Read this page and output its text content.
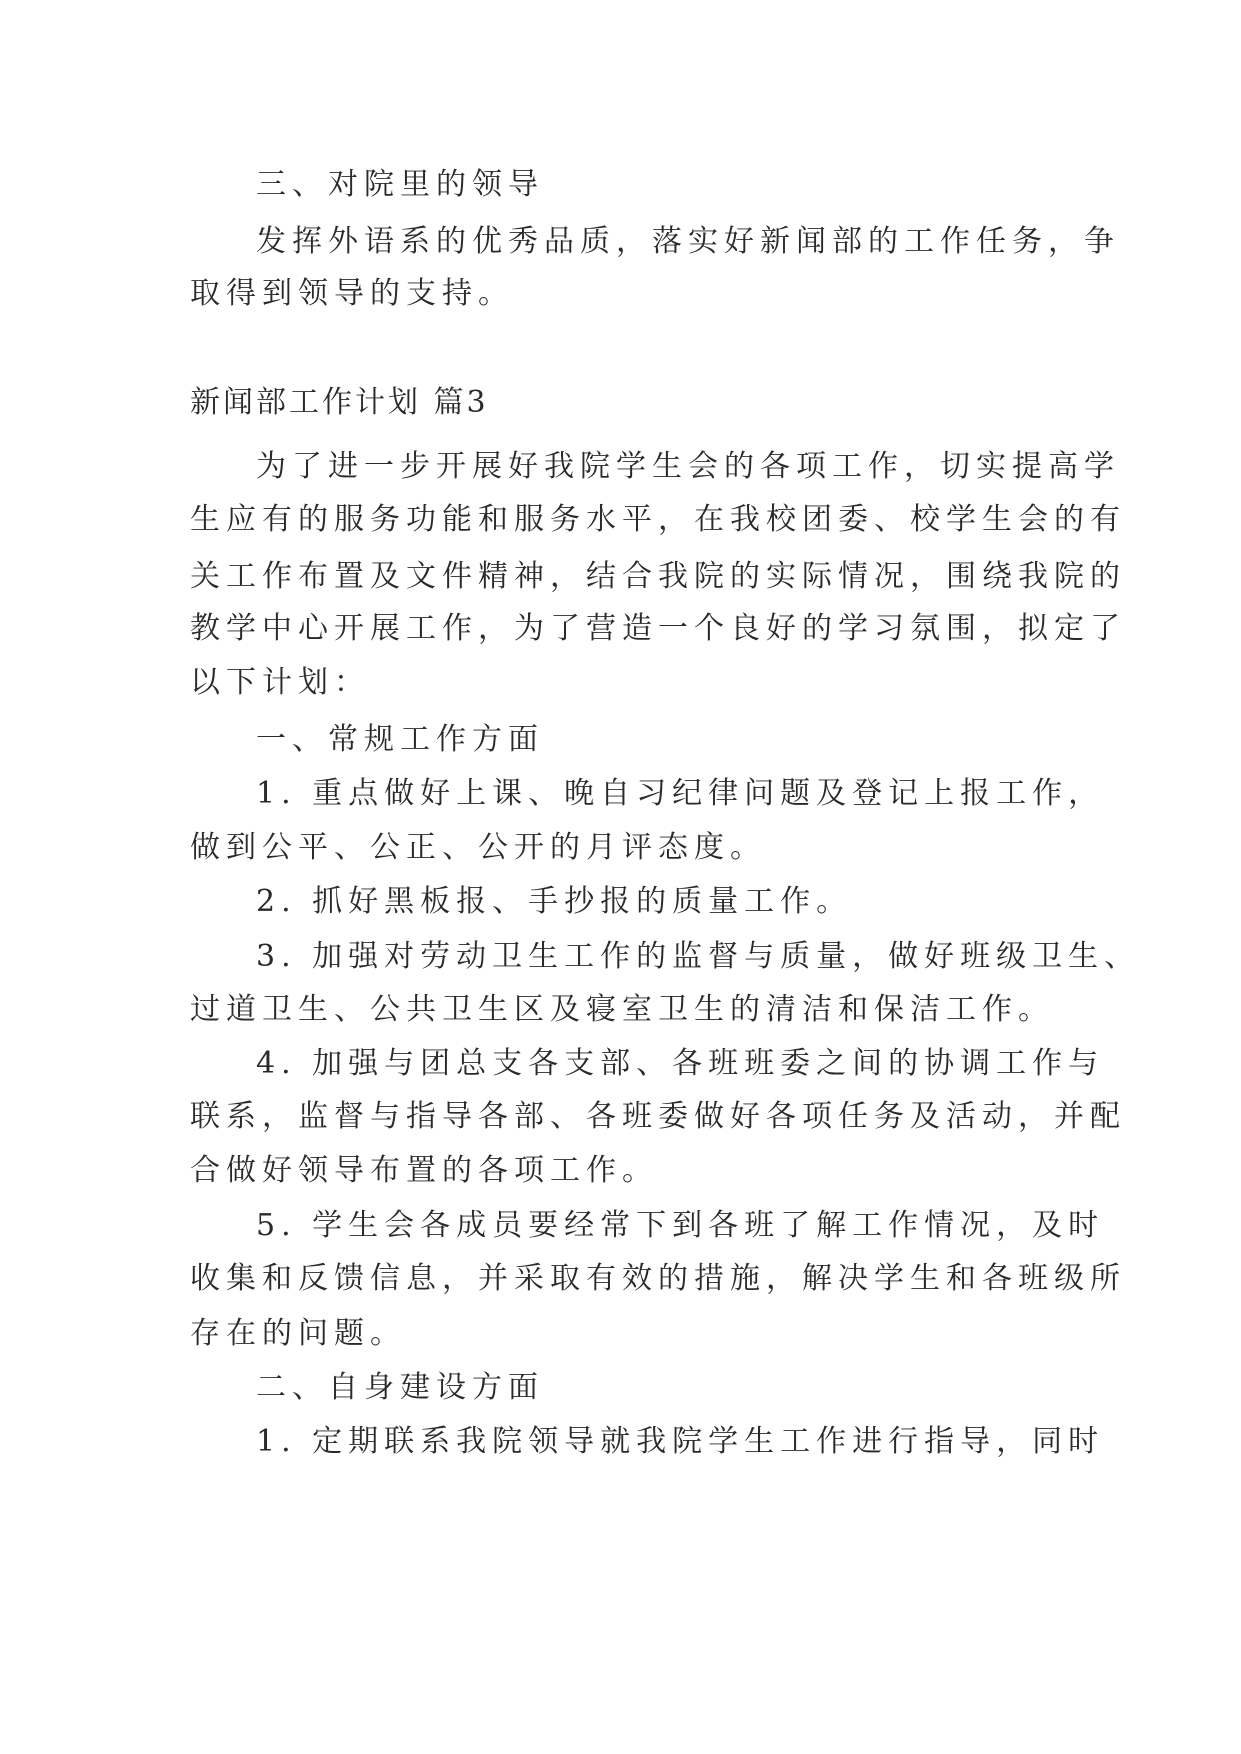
三、对院里的领导
发挥外语系的优秀品质，落实好新闻部的工作任务，争
取得到领导的支持。
新闻部工作计划 篇3
为了进一步开展好我院学生会的各项工作，切实提高学
生应有的服务功能和服务水平，在我校团委、校学生会的有
关工作布置及文件精神，结合我院的实际情况，围绕我院的
教学中心开展工作，为了营造一个良好的学习氛围，拟定了
以下计划：
一、常规工作方面
1. 重点做好上课、晚自习纪律问题及登记上报工作，
做到公平、公正、公开的月评态度。
2. 抓好黑板报、手抄报的质量工作。
3. 加强对劳动卫生工作的监督与质量，做好班级卫生、
过道卫生、公共卫生区及寝室卫生的清洁和保洁工作。
4. 加强与团总支各支部、各班班委之间的协调工作与
联系，监督与指导各部、各班委做好各项任务及活动，并配
合做好领导布置的各项工作。
5. 学生会各成员要经常下到各班了解工作情况，及时
收集和反馈信息，并采取有效的措施，解决学生和各班级所
存在的问题。
二、自身建设方面
1. 定期联系我院领导就我院学生工作进行指导，同时
